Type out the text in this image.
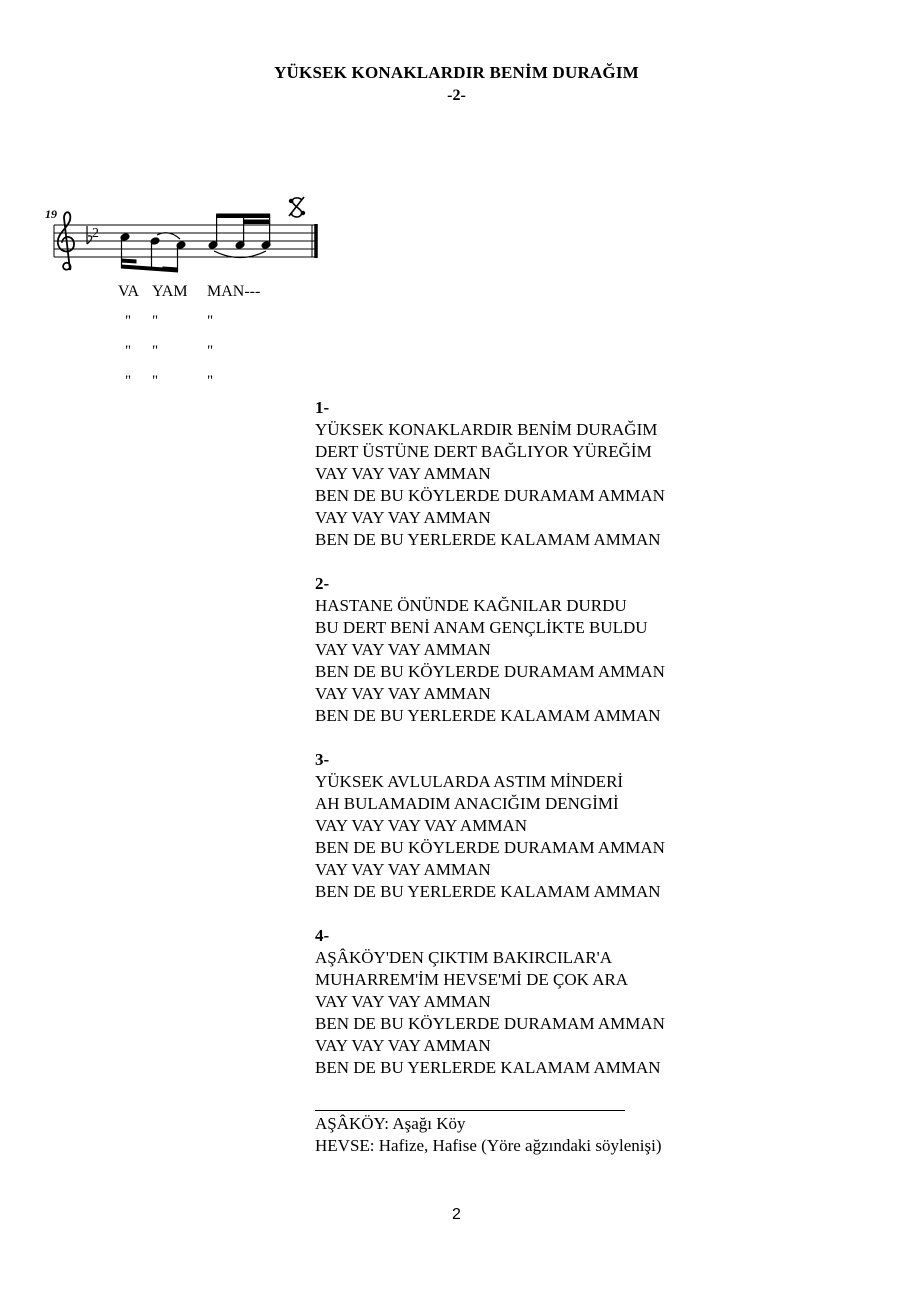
YÜKSEK KONAKLARDIR BENİM DURAĞIM
-2-
19
2
VA YAM MAN---
" "	"
" "	"
" "	"
1-
YÜKSEK KONAKLARDIR BENİM DURAĞIM
DERT ÜSTÜNE DERT BAĞLIYOR YÜREĞİM
VAY VAY VAY AMMAN
BEN DE BU KÖYLERDE DURAMAM AMMAN
VAY VAY VAY AMMAN
BEN DE BU YERLERDE KALAMAM AMMAN
2-
HASTANE ÖNÜNDE KAĞNILAR DURDU
BU DERT BENİ ANAM GENÇLİKTE BULDU
VAY VAY VAY AMMAN
BEN DE BU KÖYLERDE DURAMAM AMMAN
VAY VAY VAY AMMAN
BEN DE BU YERLERDE KALAMAM AMMAN
3-
YÜKSEK AVLULARDA ASTIM MİNDERİ
AH BULAMADIM ANACIĞIM DENGİMİ
VAY VAY VAY VAY AMMAN
BEN DE BU KÖYLERDE DURAMAM AMMAN
VAY VAY VAY AMMAN
BEN DE BU YERLERDE KALAMAM AMMAN
4-
AŞÂKÖY'DEN ÇIKTIM BAKIRCILAR'A
MUHARREM'İM HEVSE'Mİ DE ÇOK ARA
VAY VAY VAY AMMAN
BEN DE BU KÖYLERDE DURAMAM AMMAN
VAY VAY VAY AMMAN
BEN DE BU YERLERDE KALAMAM AMMAN
AŞÂKÖY: Aşağı Köy
HEVSE: Hafize, Hafise (Yöre ağzındaki söylenişi)
2
